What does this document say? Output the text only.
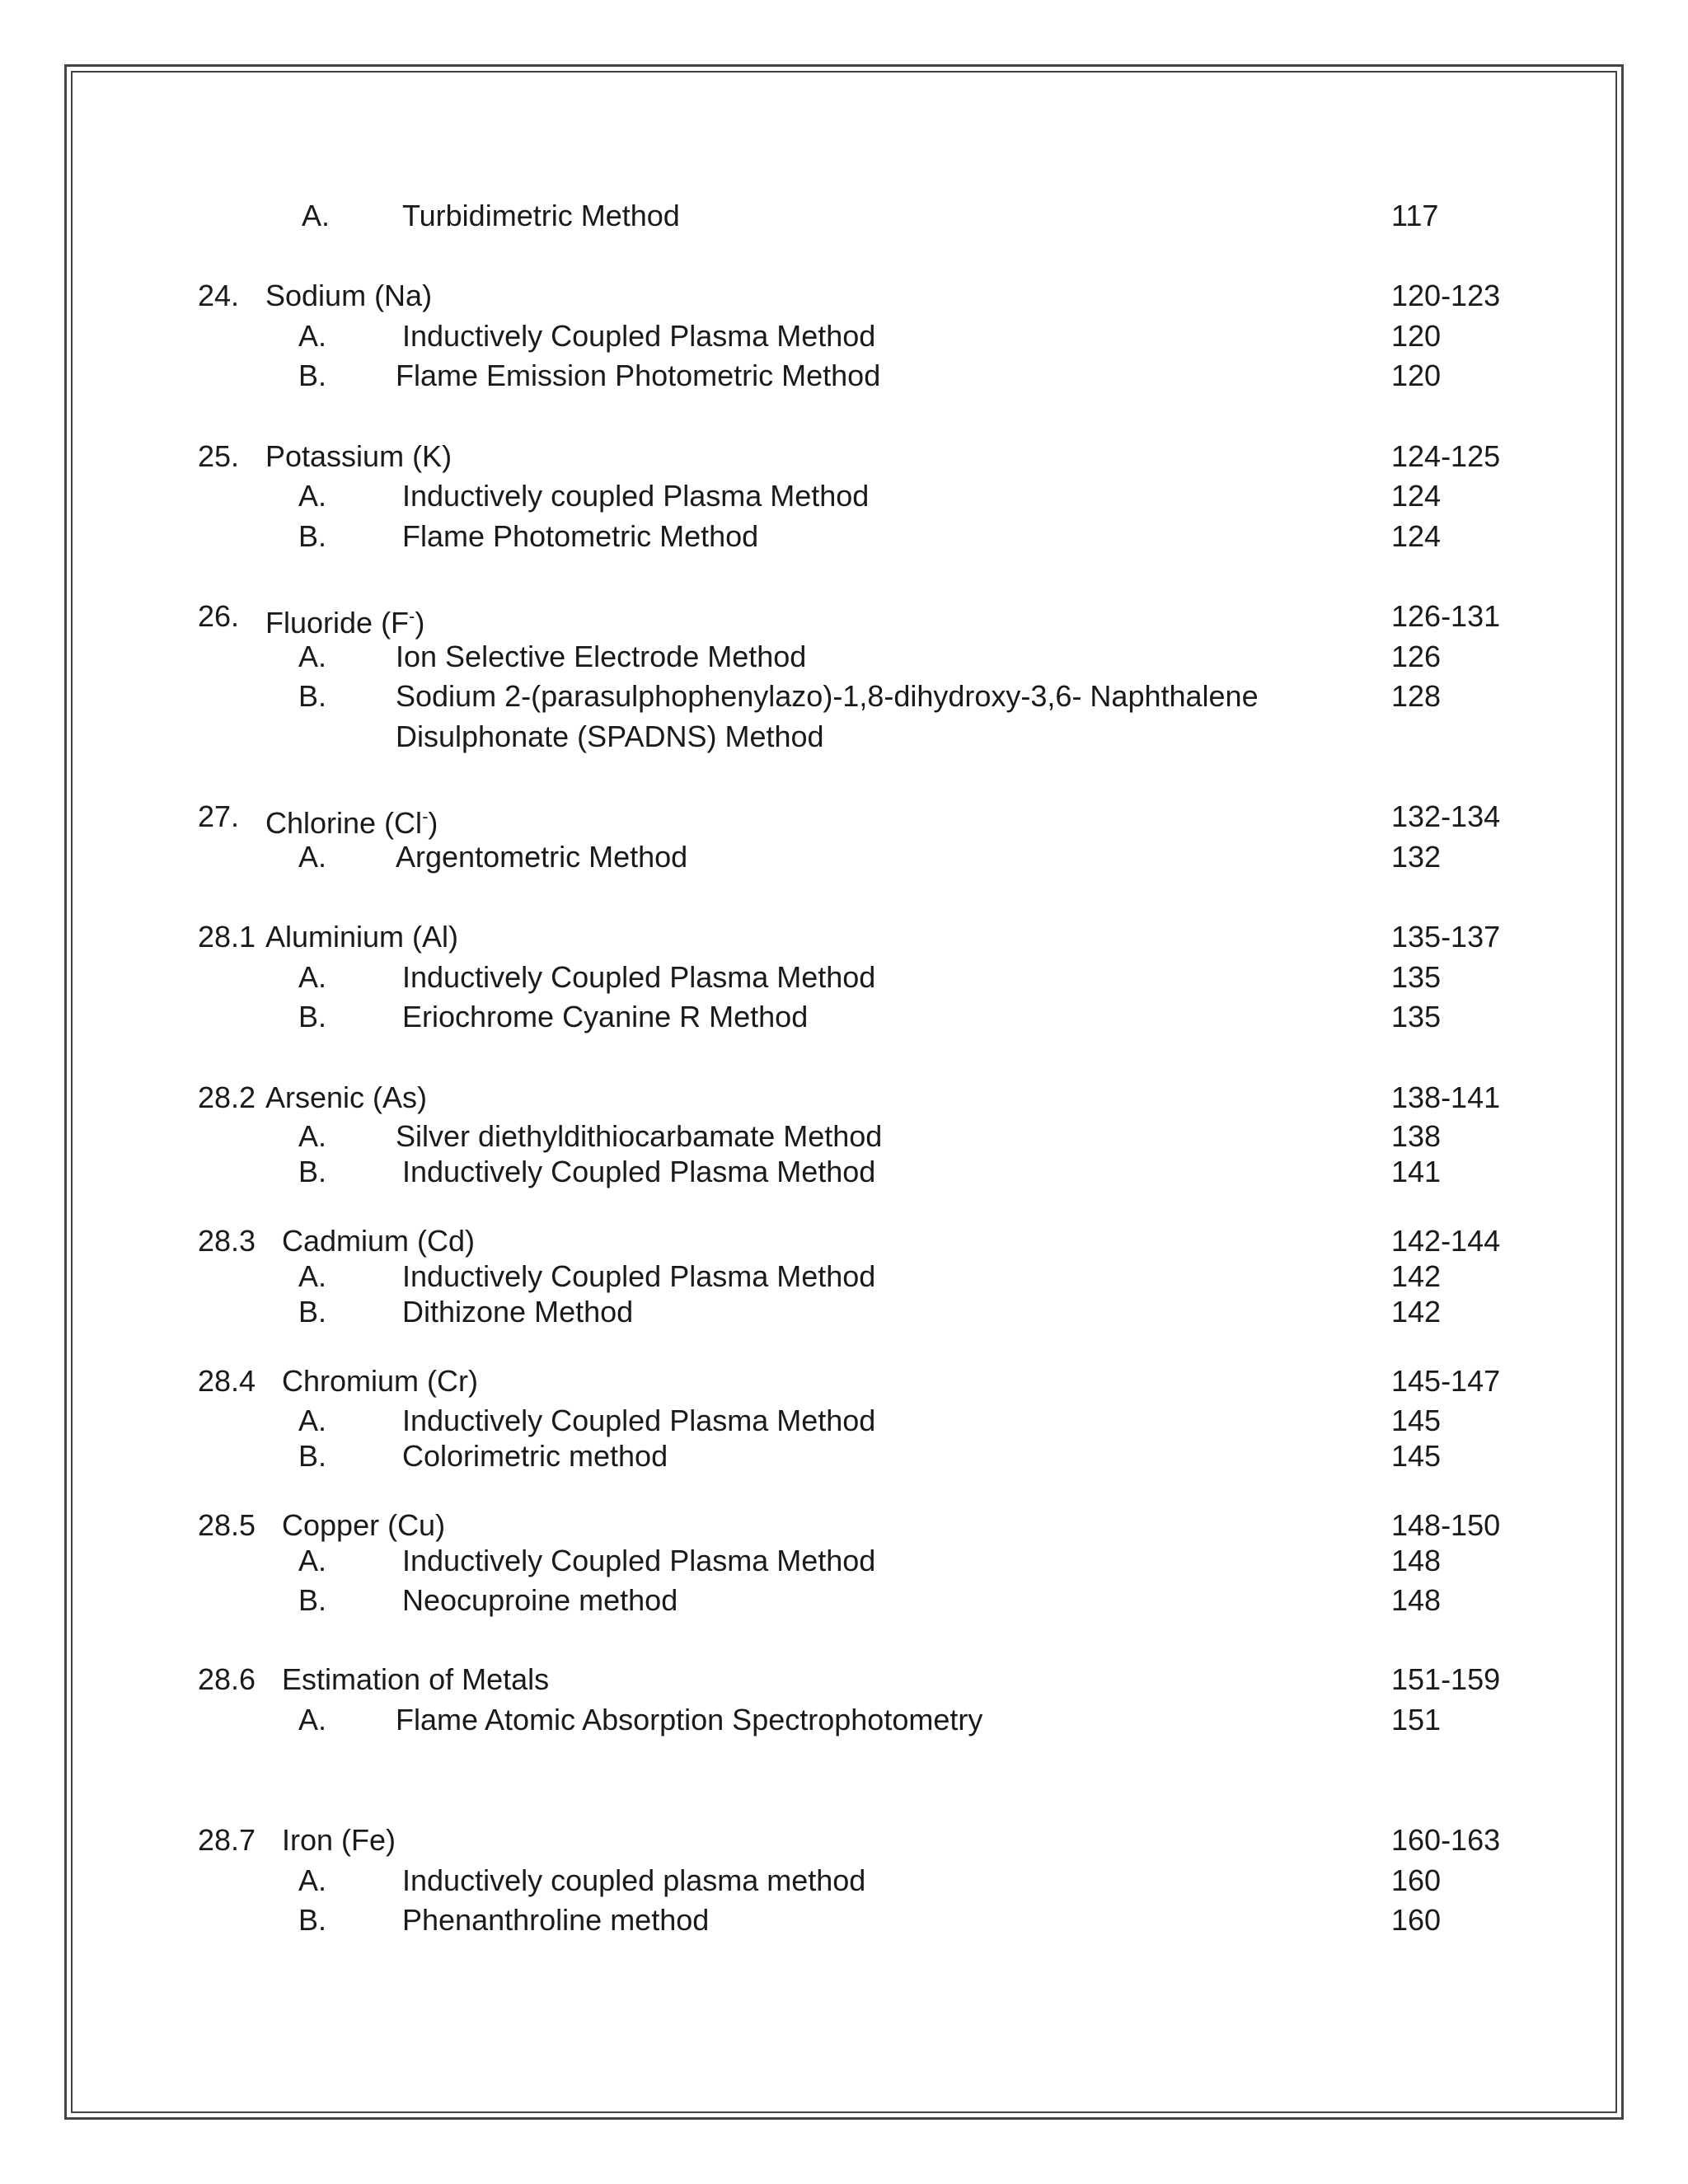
A. Turbidimetric Method	117
24. Sodium (Na)	120-123
A.	Inductively Coupled Plasma Method	120
B. Flame Emission Photometric Method	120
25. Potassium (K)	124-125
A.	Inductively coupled Plasma Method	124
B.	Flame Photometric Method	124
26. Fluoride (F-)	126-131
A. Ion Selective Electrode Method	126
B. Sodium 2-(parasulphophenylazo)-1,8-dihydroxy-3,6- Naphthalene	128
Disulphonate (SPADNS) Method
27. Chlorine (Cl-)	132-134
A. Argentometric Method	132
28.1 Aluminium (Al)	135-137
A.	Inductively Coupled Plasma Method	135
B.	Eriochrome Cyanine R Method	135
28.2 Arsenic (As)	138-141
A. Silver diethyldithiocarbamate Method	138
B.	Inductively Coupled Plasma Method	141
28.3 Cadmium (Cd)	142-144
A.	Inductively Coupled Plasma Method	142
B.	Dithizone Method	142
28.4 Chromium (Cr)	145-147
A.	Inductively Coupled Plasma Method	145
B.	Colorimetric method	145
28.5 Copper (Cu)	148-150
A.	Inductively Coupled Plasma Method	148
B.	Neocuproine method	148
28.6 Estimation of Metals	151-159
A. Flame Atomic Absorption Spectrophotometry	151
28.7 Iron (Fe)	160-163
A.	Inductively coupled plasma method	160
B.	Phenanthroline method	160
